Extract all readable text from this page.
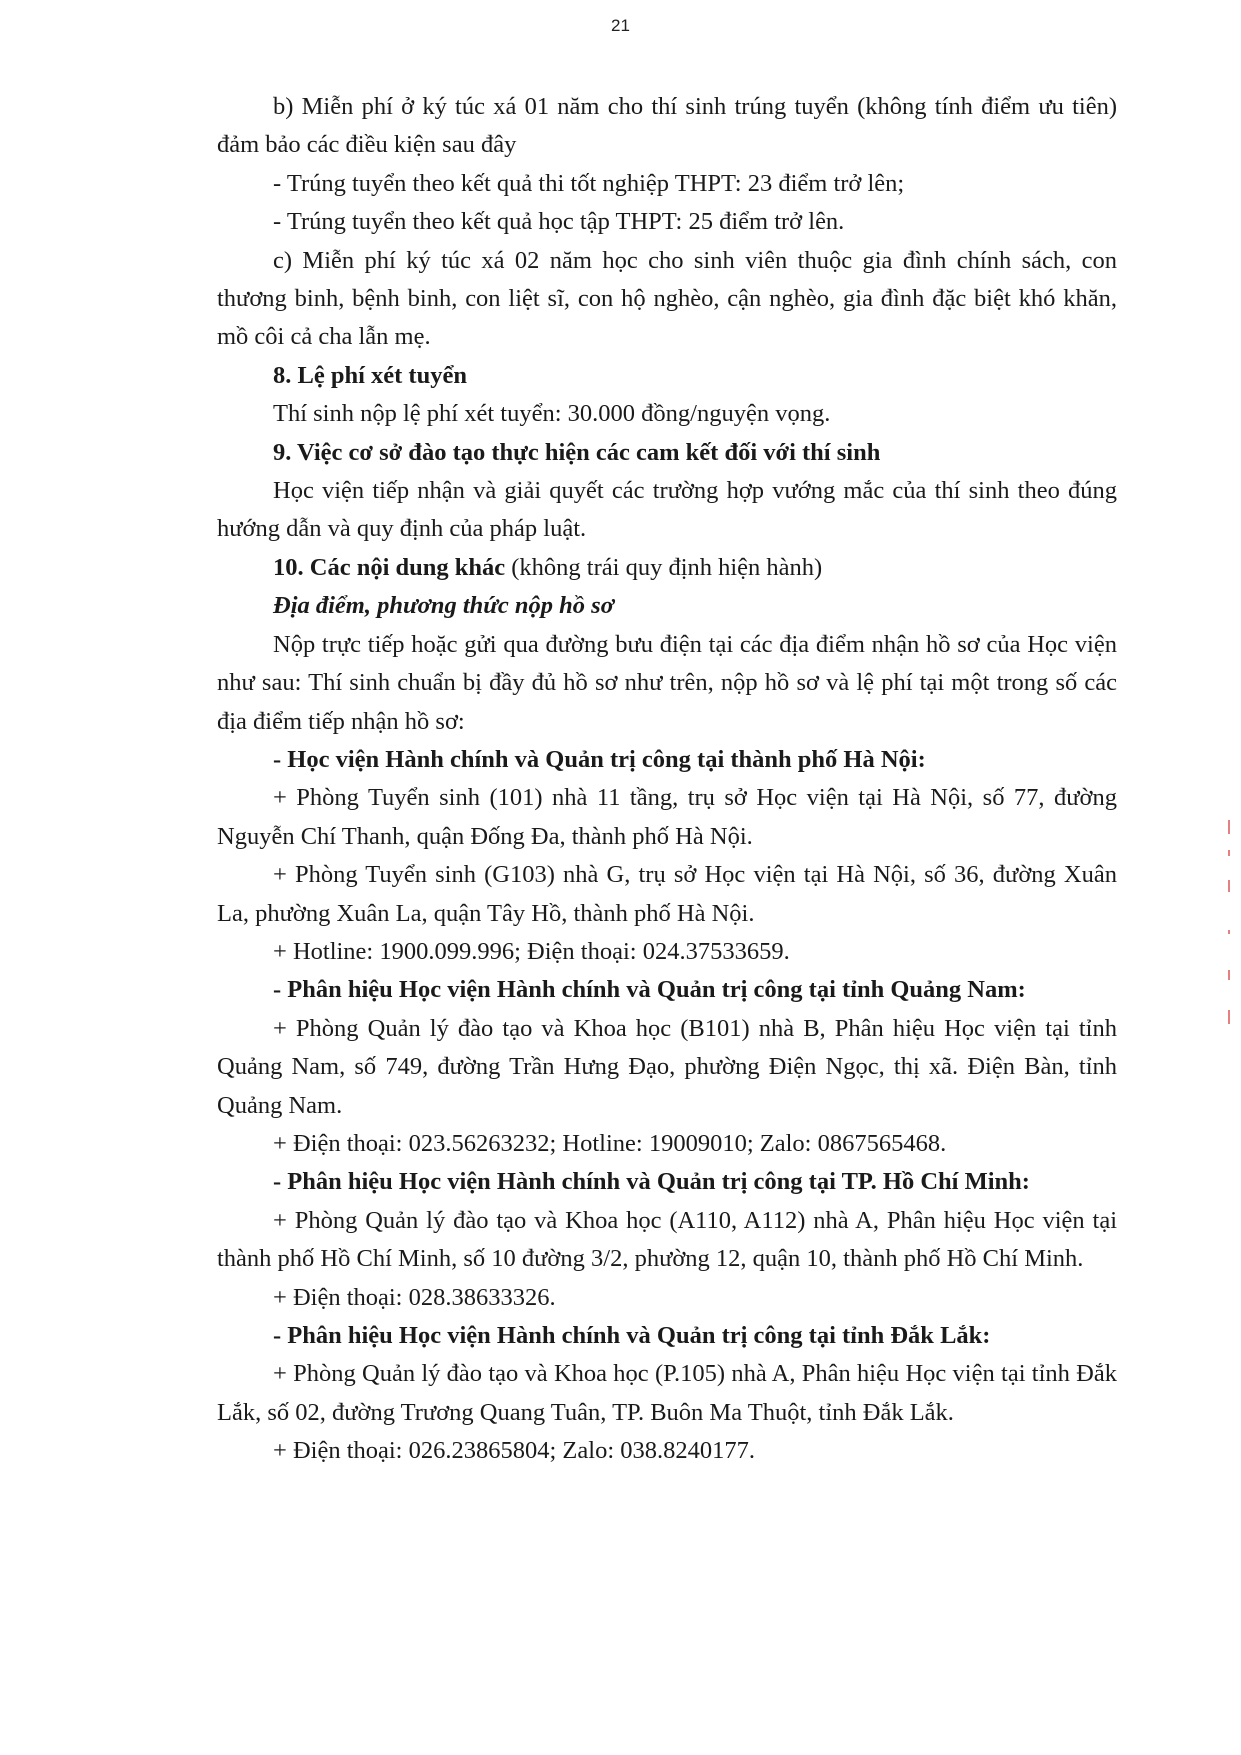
21

b) Miễn phí ở ký túc xá 01 năm cho thí sinh trúng tuyển (không tính điểm ưu tiên) đảm bảo các điều kiện sau đây

- Trúng tuyển theo kết quả thi tốt nghiệp THPT: 23 điểm trở lên;

- Trúng tuyển theo kết quả học tập THPT: 25 điểm trở lên.

c) Miễn phí ký túc xá 02 năm học cho sinh viên thuộc gia đình chính sách, con thương binh, bệnh binh, con liệt sĩ, con hộ nghèo, cận nghèo, gia đình đặc biệt khó khăn, mồ côi cả cha lẫn mẹ.

8. Lệ phí xét tuyển

Thí sinh nộp lệ phí xét tuyển: 30.000 đồng/nguyện vọng.

9. Việc cơ sở đào tạo thực hiện các cam kết đối với thí sinh

Học viện tiếp nhận và giải quyết các trường hợp vướng mắc của thí sinh theo đúng hướng dẫn và quy định của pháp luật.

10. Các nội dung khác (không trái quy định hiện hành)

Địa điểm, phương thức nộp hồ sơ

Nộp trực tiếp hoặc gửi qua đường bưu điện tại các địa điểm nhận hồ sơ của Học viện như sau: Thí sinh chuẩn bị đầy đủ hồ sơ như trên, nộp hồ sơ và lệ phí tại một trong số các địa điểm tiếp nhận hồ sơ:

- Học viện Hành chính và Quản trị công tại thành phố Hà Nội:

+ Phòng Tuyển sinh (101) nhà 11 tầng, trụ sở Học viện tại Hà Nội, số 77, đường Nguyễn Chí Thanh, quận Đống Đa, thành phố Hà Nội.

+ Phòng Tuyển sinh (G103) nhà G, trụ sở Học viện tại Hà Nội, số 36, đường Xuân La, phường Xuân La, quận Tây Hồ, thành phố Hà Nội.

+ Hotline: 1900.099.996; Điện thoại: 024.37533659.

- Phân hiệu Học viện Hành chính và Quản trị công tại tỉnh Quảng Nam:

+ Phòng Quản lý đào tạo và Khoa học (B101) nhà B, Phân hiệu Học viện tại tỉnh Quảng Nam, số 749, đường Trần Hưng Đạo, phường Điện Ngọc, thị xã. Điện Bàn, tỉnh Quảng Nam.

+ Điện thoại: 023.56263232; Hotline: 19009010; Zalo: 0867565468.

- Phân hiệu Học viện Hành chính và Quản trị công tại TP. Hồ Chí Minh:

+ Phòng Quản lý đào tạo và Khoa học (A110, A112) nhà A, Phân hiệu Học viện tại thành phố Hồ Chí Minh, số 10 đường 3/2, phường 12, quận 10, thành phố Hồ Chí Minh.

+ Điện thoại: 028.38633326.

- Phân hiệu Học viện Hành chính và Quản trị công tại tỉnh Đắk Lắk:

+ Phòng Quản lý đào tạo và Khoa học (P.105) nhà A, Phân hiệu Học viện tại tỉnh Đắk Lắk, số 02, đường Trương Quang Tuân, TP. Buôn Ma Thuột, tỉnh Đắk Lắk.

+ Điện thoại: 026.23865804; Zalo: 038.8240177.
